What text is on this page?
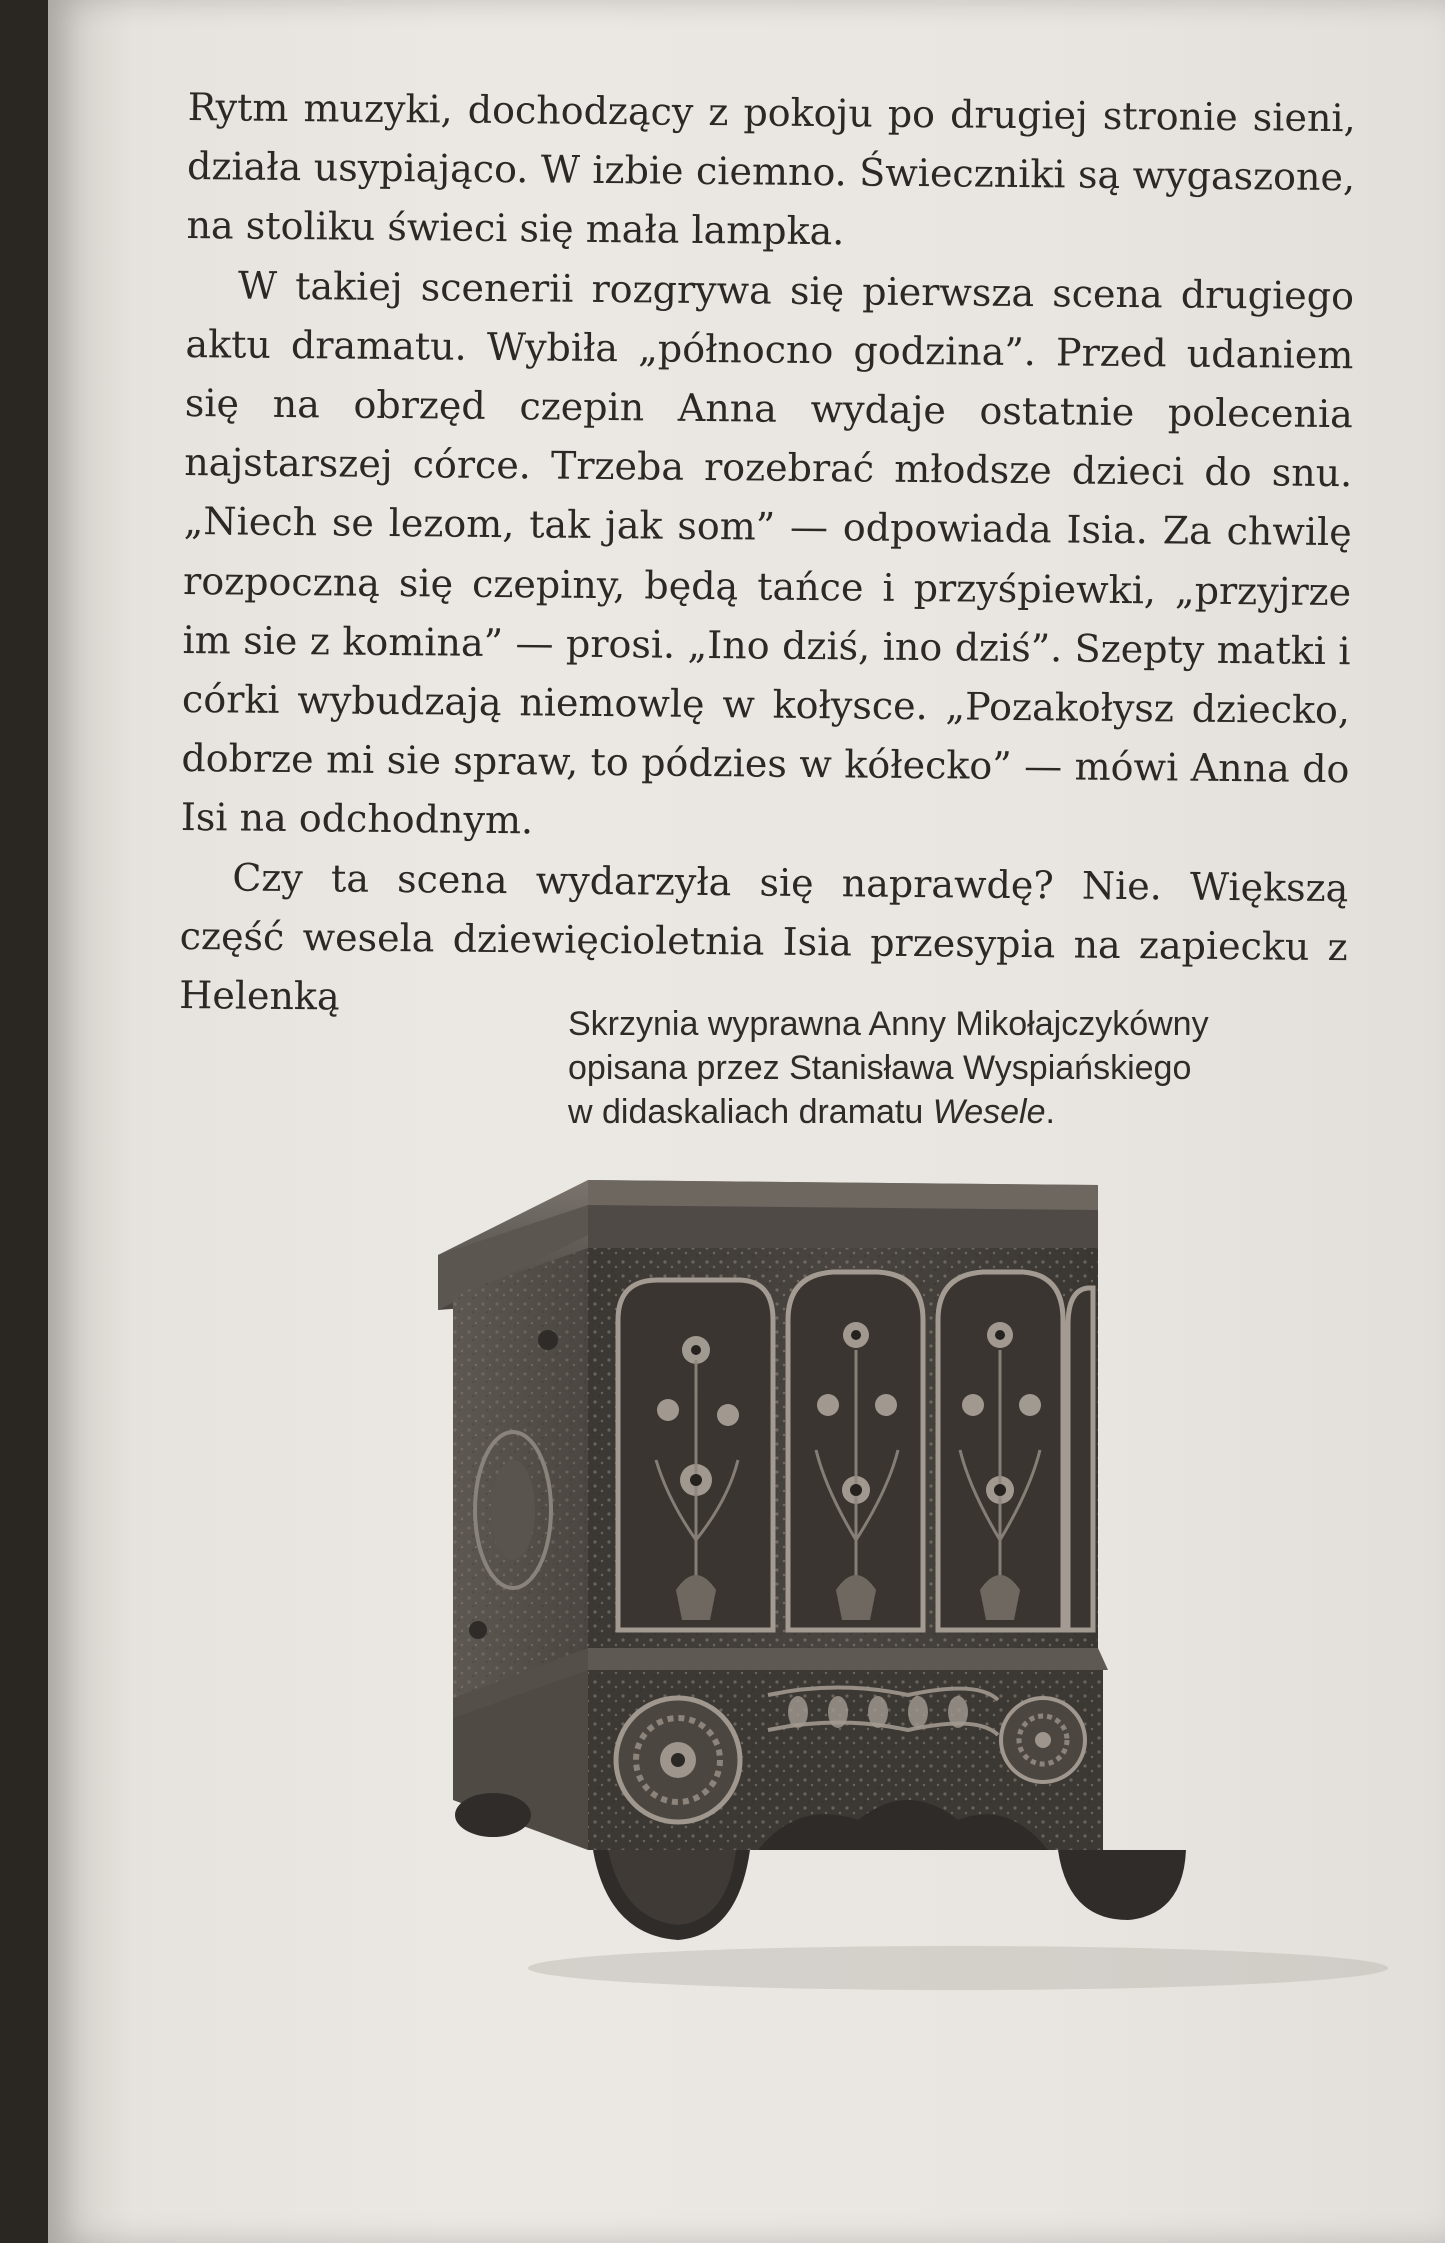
Rytm muzyki, dochodzący z pokoju po drugiej stronie sieni, działa usypiająco. W izbie ciemno. Świeczniki są wygaszone, na stoliku świeci się mała lampka.

W takiej scenerii rozgrywa się pierwsza scena drugiego aktu dramatu. Wybiła „północno godzina”. Przed udaniem się na obrzęd czepin Anna wydaje ostatnie polecenia najstarszej córce. Trzeba rozebrać młodsze dzieci do snu. „Niech se lezom, tak jak som” — odpowiada Isia. Za chwilę rozpoczną się czepiny, będą tańce i przyśpiewki, „przyjrze im sie z komina” — prosi. „Ino dziś, ino dziś”. Szepty matki i córki wybudzają niemowlę w kołysce. „Pozakołysz dziecko, dobrze mi sie spraw, to pódzies w kółecko” — mówi Anna do Isi na odchodnym.

Czy ta scena wydarzyła się naprawdę? Nie. Większą część wesela dziewięcioletnia Isia przesypia na zapiecku z Helenką

Skrzynia wyprawna Anny Mikołajczykówny
opisana przez Stanisława Wyspiańskiego
w didaskaliach dramatu Wesele.
